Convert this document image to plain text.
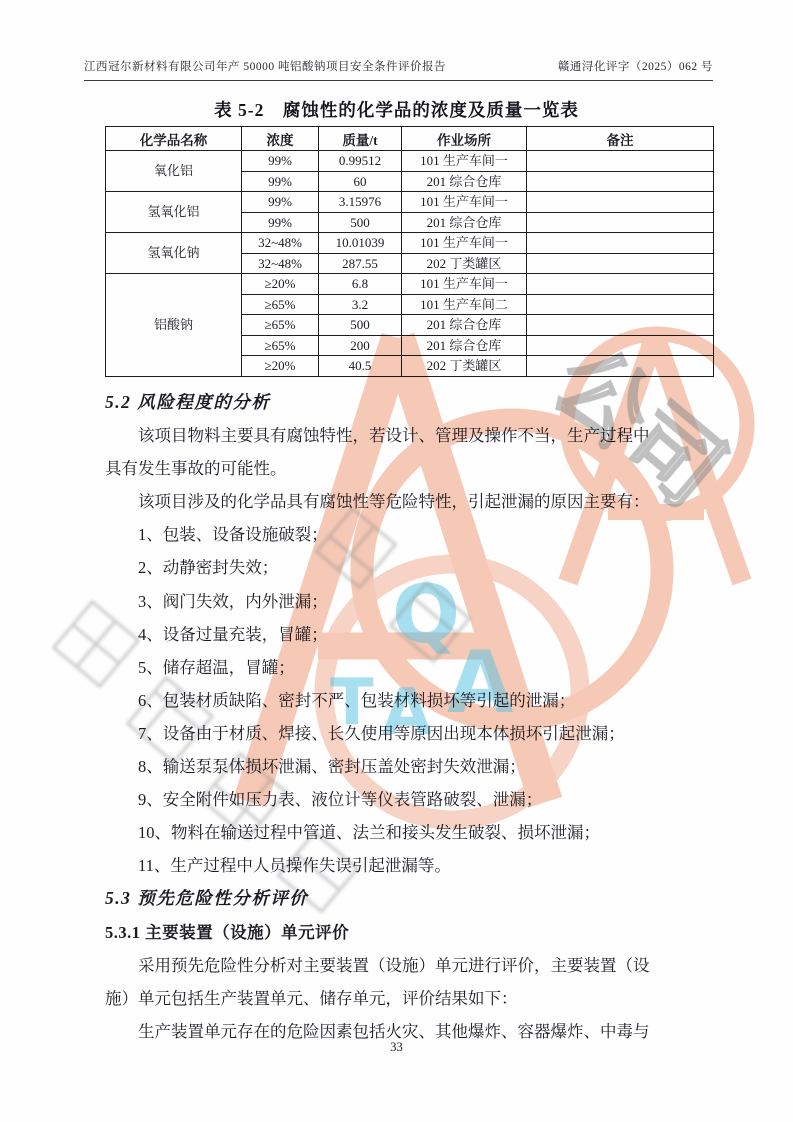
江西冠尔新材料有限公司年产 50000 吨铝酸钠项目安全条件评价报告	赣通浔化评字（2025）062 号
表 5-2　腐蚀性的化学品的浓度及质量一览表
化学品名称	浓度	质量/t	作业场所	备注
氧化铝	99%	0.99512	101 生产车间一	
	99%	60	201 综合仓库	
氢氧化铝	99%	3.15976	101 生产车间一	
	99%	500	201 综合仓库	
氢氧化钠	32~48%	10.01039	101 生产车间一	
	32~48%	287.55	202 丁类罐区	
铝酸钠	≥20%	6.8	101 生产车间一	
	≥65%	3.2	101 生产车间二	
	≥65%	500	201 综合仓库	
	≥65%	200	201 综合仓库	
	≥20%	40.5	202 丁类罐区	
5.2 风险程度的分析
该项目物料主要具有腐蚀特性，若设计、管理及操作不当，生产过程中
具有发生事故的可能性。
该项目涉及的化学品具有腐蚀性等危险特性，引起泄漏的原因主要有：
1、包装、设备设施破裂；
2、动静密封失效；
3、阀门失效，内外泄漏；
4、设备过量充装，冒罐；
5、储存超温，冒罐；
6、包装材质缺陷、密封不严、包装材料损坏等引起的泄漏；
7、设备由于材质、焊接、长久使用等原因出现本体损坏引起泄漏；
8、输送泵泵体损坏泄漏、密封压盖处密封失效泄漏；
9、安全附件如压力表、液位计等仪表管路破裂、泄漏；
10、物料在输送过程中管道、法兰和接头发生破裂、损坏泄漏；
11、生产过程中人员操作失误引起泄漏等。
5.3 预先危险性分析评价
5.3.1 主要装置（设施）单元评价
采用预先危险性分析对主要装置（设施）单元进行评价，主要装置（设
施）单元包括生产装置单元、储存单元，评价结果如下：
生产装置单元存在的危险因素包括火灾、其他爆炸、容器爆炸、中毒与
33
Q
T A A
公司
